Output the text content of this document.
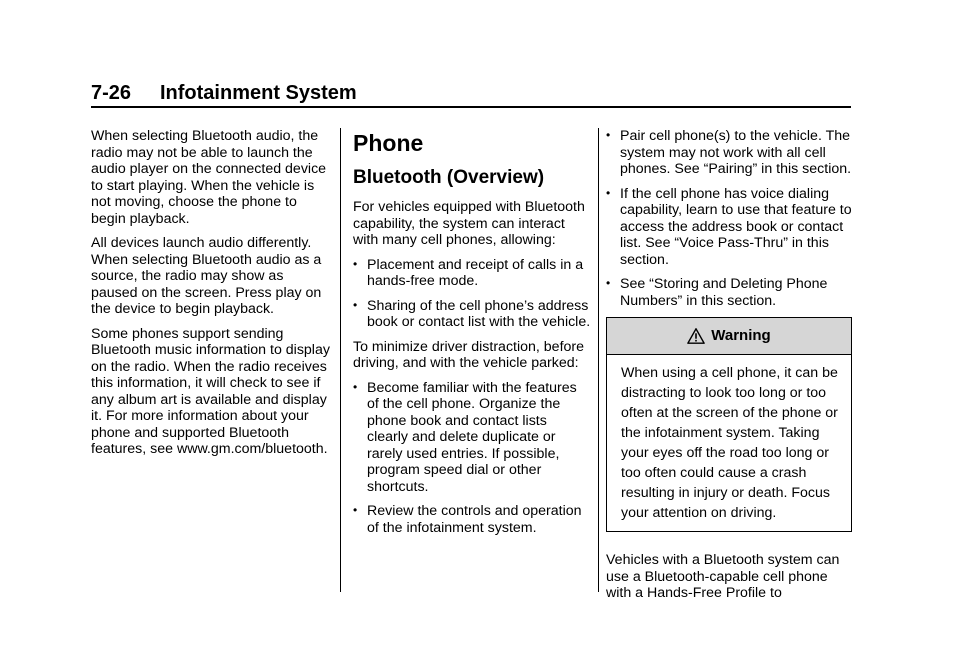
7-26 Infotainment System

When selecting Bluetooth audio, the radio may not be able to launch the audio player on the connected device to start playing. When the vehicle is not moving, choose the phone to begin playback.

All devices launch audio differently. When selecting Bluetooth audio as a source, the radio may show as paused on the screen. Press play on the device to begin playback.

Some phones support sending Bluetooth music information to display on the radio. When the radio receives this information, it will check to see if any album art is available and display it. For more information about your phone and supported Bluetooth features, see www.gm.com/bluetooth.

Phone
Bluetooth (Overview)

For vehicles equipped with Bluetooth capability, the system can interact with many cell phones, allowing:

• Placement and receipt of calls in a hands-free mode.
• Sharing of the cell phone’s address book or contact list with the vehicle.

To minimize driver distraction, before driving, and with the vehicle parked:

• Become familiar with the features of the cell phone. Organize the phone book and contact lists clearly and delete duplicate or rarely used entries. If possible, program speed dial or other shortcuts.
• Review the controls and operation of the infotainment system.
• Pair cell phone(s) to the vehicle. The system may not work with all cell phones. See “Pairing” in this section.
• If the cell phone has voice dialing capability, learn to use that feature to access the address book or contact list. See “Voice Pass-Thru” in this section.
• See “Storing and Deleting Phone Numbers” in this section.
Warning
When using a cell phone, it can be distracting to look too long or too often at the screen of the phone or the infotainment system. Taking your eyes off the road too long or too often could cause a crash resulting in injury or death. Focus your attention on driving.

Vehicles with a Bluetooth system can use a Bluetooth-capable cell phone with a Hands-Free Profile to
